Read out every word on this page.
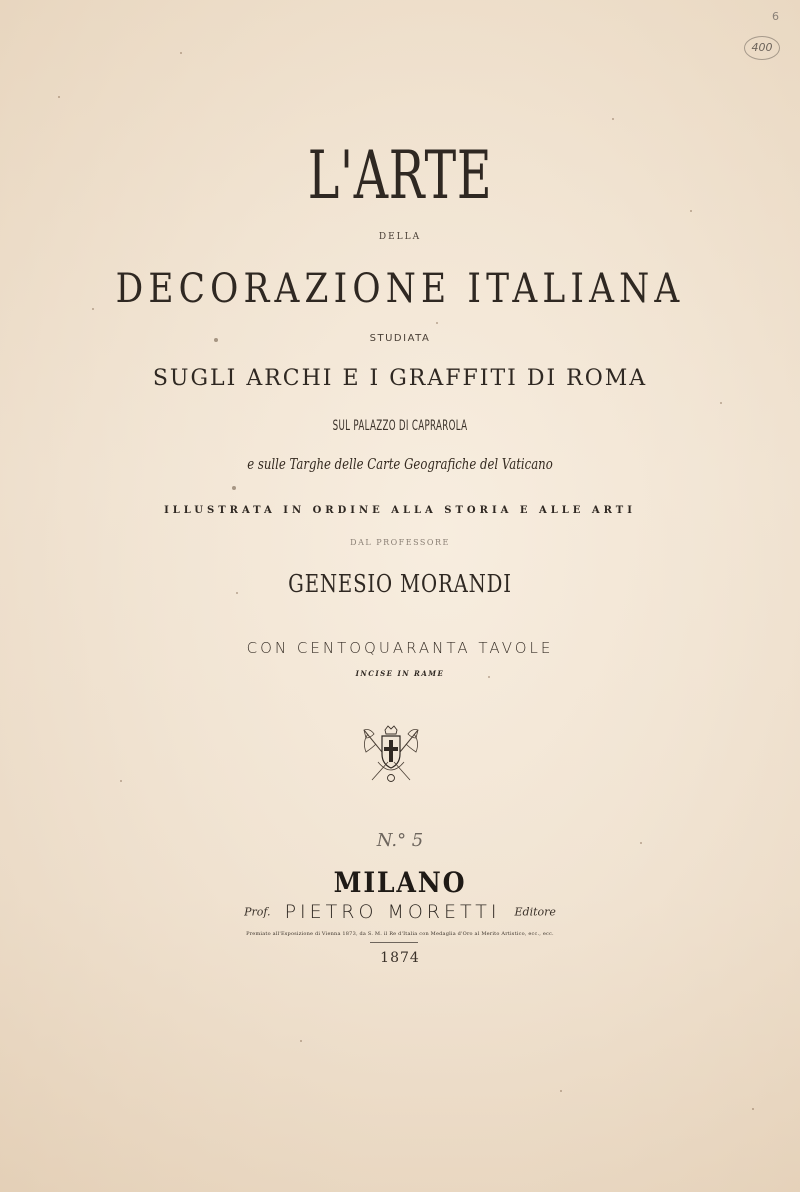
6
400
L'ARTE
DELLA
DECORAZIONE ITALIANA
STUDIATA
SUGLI ARCHI E I GRAFFITI DI ROMA
SUL PALAZZO DI CAPRAROLA
e sulle Targhe delle Carte Geografiche del Vaticano
ILLUSTRATA IN ORDINE ALLA STORIA E ALLE ARTI
DAL PROFESSORE
GENESIO MORANDI
CON CENTOQUARANTA TAVOLE
INCISE IN RAME
N.° 5
MILANO
Prof. PIETRO MORETTI Editore
Premiato all'Esposizione di Vienna 1873, da S. M. il Re d'Italia con Medaglia d'Oro al Merito Artistico, ecc., ecc.
1874
